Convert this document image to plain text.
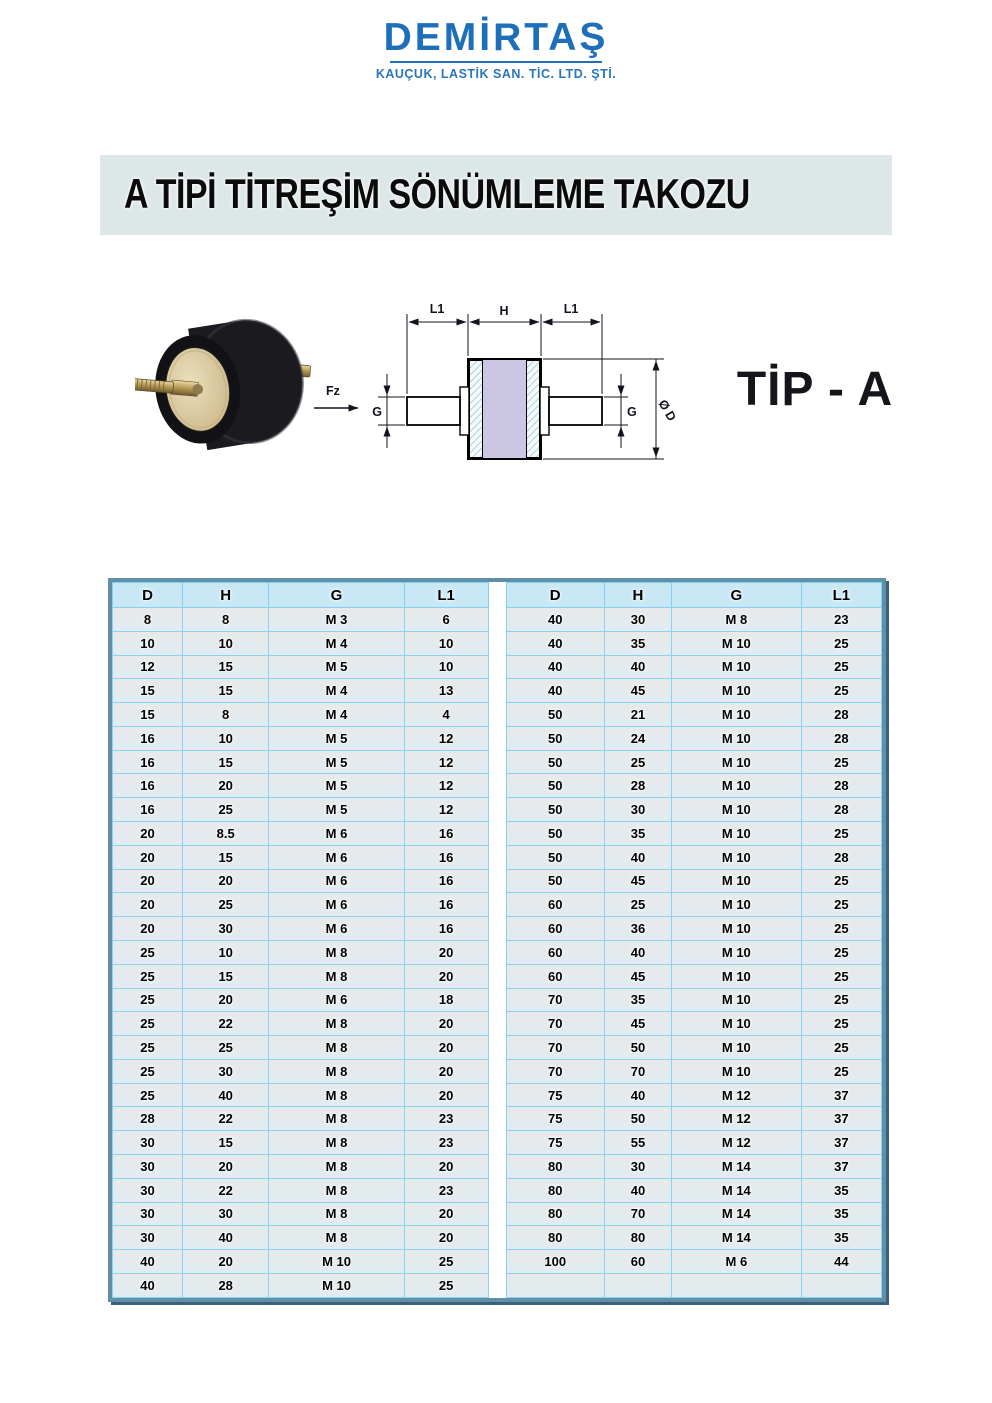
DEMİRTAŞ
KAUÇUK, LASTİK SAN. TİC. LTD. ŞTİ.
A TİPİ TİTREŞİM SÖNÜMLEME TAKOZU
Fz
L1	H	L1
G	G Ø D TİP - A
D	H	G	L1
8	8	M 3	6
10	10	M 4	10
12	15	M 5	10
15	15	M 4	13
15	8	M 4	4
16	10	M 5	12
16	15	M 5	12
16	20	M 5	12
16	25	M 5	12
20	8.5	M 6	16
20	15	M 6	16
20	20	M 6	16
20	25	M 6	16
20	30	M 6	16
25	10	M 8	20
25	15	M 8	20
25	20	M 6	18
25	22	M 8	20
25	25	M 8	20
25	30	M 8	20
25	40	M 8	20
28	22	M 8	23
30	15	M 8	23
30	20	M 8	20
30	22	M 8	23
30	30	M 8	20
30	40	M 8	20
40	20	M 10	25
40	28	M 10	25
D	H	G	L1
40	30	M 8	23
40	35	M 10	25
40	40	M 10	25
40	45	M 10	25
50	21	M 10	28
50	24	M 10	28
50	25	M 10	25
50	28	M 10	28
50	30	M 10	28
50	35	M 10	25
50	40	M 10	28
50	45	M 10	25
60	25	M 10	25
60	36	M 10	25
60	40	M 10	25
60	45	M 10	25
70	35	M 10	25
70	45	M 10	25
70	50	M 10	25
70	70	M 10	25
75	40	M 12	37
75	50	M 12	37
75	55	M 12	37
80	30	M 14	37
80	40	M 14	35
80	70	M 14	35
80	80	M 14	35
100	60	M 6	44
